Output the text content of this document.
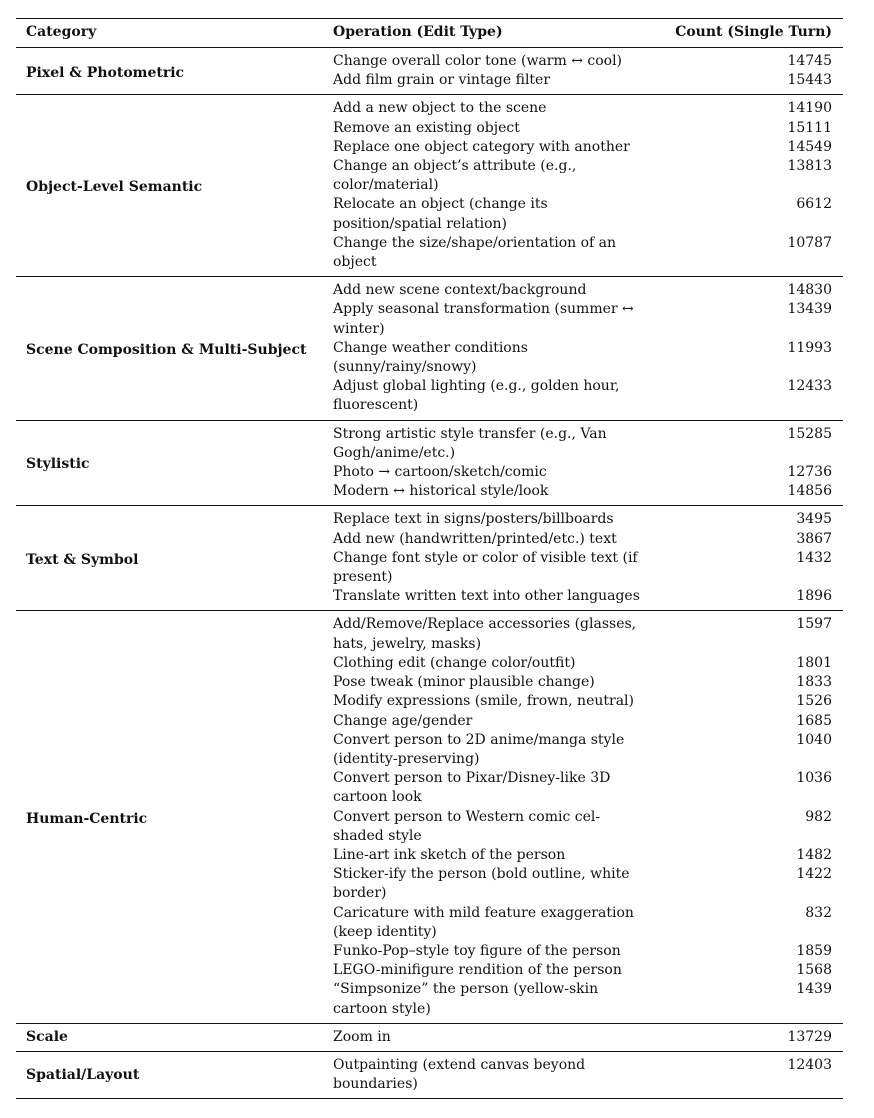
Category	Operation (Edit Type)	Count (Single Turn)
Pixel & Photometric	Change overall color tone (warm ↔ cool)	14745
	Add film grain or vintage filter	15443
Object-Level Semantic	Add a new object to the scene	14190
	Remove an existing object	15111
	Replace one object category with another	14549
	Change an object’s attribute (e.g., color/material)	13813
	Relocate an object (change its position/spatial relation)	6612
	Change the size/shape/orientation of an object	10787
Scene Composition & Multi-Subject	Add new scene context/background	14830
	Apply seasonal transformation (summer ↔ winter)	13439
	Change weather conditions (sunny/rainy/snowy)	11993
	Adjust global lighting (e.g., golden hour, fluorescent)	12433
Stylistic	Strong artistic style transfer (e.g., Van Gogh/anime/etc.)	15285
	Photo → cartoon/sketch/comic	12736
	Modern ↔ historical style/look	14856
Text & Symbol	Replace text in signs/posters/billboards	3495
	Add new (handwritten/printed/etc.) text	3867
	Change font style or color of visible text (if present)	1432
	Translate written text into other languages	1896
Human-Centric	Add/Remove/Replace accessories (glasses, hats, jewelry, masks)	1597
	Clothing edit (change color/outfit)	1801
	Pose tweak (minor plausible change)	1833
	Modify expressions (smile, frown, neutral)	1526
	Change age/gender	1685
	Convert person to 2D anime/manga style (identity-preserving)	1040
	Convert person to Pixar/Disney-like 3D cartoon look	1036
	Convert person to Western comic cel-shaded style	982
	Line-art ink sketch of the person	1482
	Sticker-ify the person (bold outline, white border)	1422
	Caricature with mild feature exaggeration (keep identity)	832
	Funko-Pop–style toy figure of the person	1859
	LEGO-minifigure rendition of the person	1568
	“Simpsonize” the person (yellow-skin cartoon style)	1439
Scale	Zoom in	13729
Spatial/Layout	Outpainting (extend canvas beyond boundaries)	12403
